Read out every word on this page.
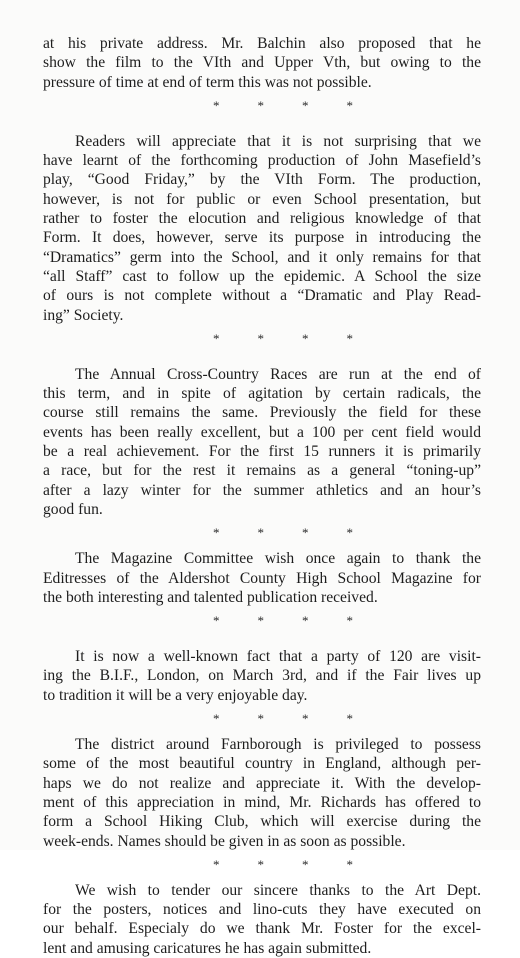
at his private address. Mr. Balchin also proposed that he
show the film to the VIth and Upper Vth, but owing to the
pressure of time at end of term this was not possible.
*	*	*	*
Readers will appreciate that it is not surprising that we
have learnt of the forthcoming production of John Masefield’s
play, “Good Friday,” by the VIth Form. The production,
however, is not for public or even School presentation, but
rather to foster the elocution and religious knowledge of that
Form. It does, however, serve its purpose in introducing the
“Dramatics” germ into the School, and it only remains for that
“all Staff” cast to follow up the epidemic. A School the size
of ours is not complete without a “Dramatic and Play Read-
ing” Society.
*	*	*	*
The Annual Cross-Country Races are run at the end of
this term, and in spite of agitation by certain radicals, the
course still remains the same. Previously the field for these
events has been really excellent, but a 100 per cent field would
be a real achievement. For the first 15 runners it is primarily
a race, but for the rest it remains as a general “toning-up”
after a lazy winter for the summer athletics and an hour’s
good fun.
*	*	*	*
The Magazine Committee wish once again to thank the
Editresses of the Aldershot County High School Magazine for
the both interesting and talented publication received.
*	*	*	*
It is now a well-known fact that a party of 120 are visit-
ing the B.I.F., London, on March 3rd, and if the Fair lives up
to tradition it will be a very enjoyable day.
*	*	*	*
The district around Farnborough is privileged to possess
some of the most beautiful country in England, although per-
haps we do not realize and appreciate it. With the develop-
ment of this appreciation in mind, Mr. Richards has offered to
form a School Hiking Club, which will exercise during the
week-ends. Names should be given in as soon as possible.
*	*	*	*
We wish to tender our sincere thanks to the Art Dept.
for the posters, notices and lino-cuts they have executed on
our behalf. Especialy do we thank Mr. Foster for the excel-
lent and amusing caricatures he has again submitted.
